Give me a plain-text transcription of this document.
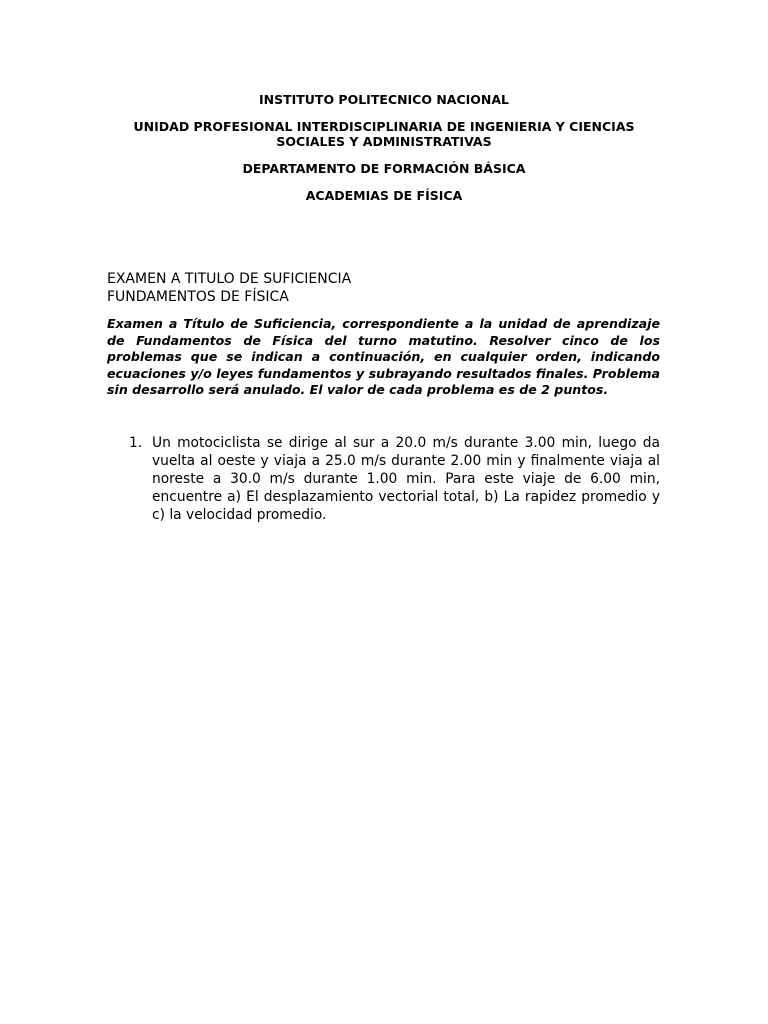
INSTITUTO POLITECNICO NACIONAL
UNIDAD PROFESIONAL INTERDISCIPLINARIA DE INGENIERIA Y CIENCIAS SOCIALES Y ADMINISTRATIVAS
DEPARTAMENTO DE FORMACIÓN BÁSICA
ACADEMIAS DE FÍSICA
EXAMEN A TITULO DE SUFICIENCIA
FUNDAMENTOS DE FÍSICA

Examen a Título de Suficiencia, correspondiente a la unidad de aprendizaje de Fundamentos de Física del turno matutino. Resolver cinco de los problemas que se indican a continuación, en cualquier orden, indicando ecuaciones y/o leyes fundamentos y subrayando resultados finales. Problema sin desarrollo será anulado. El valor de cada problema es de 2 puntos.

1. Un motociclista se dirige al sur a 20.0 m/s durante 3.00 min, luego da vuelta al oeste y viaja a 25.0 m/s durante 2.00 min y finalmente viaja al noreste a 30.0 m/s durante 1.00 min. Para este viaje de 6.00 min, encuentre a) El desplazamiento vectorial total, b) La rapidez promedio y c) la velocidad promedio.
